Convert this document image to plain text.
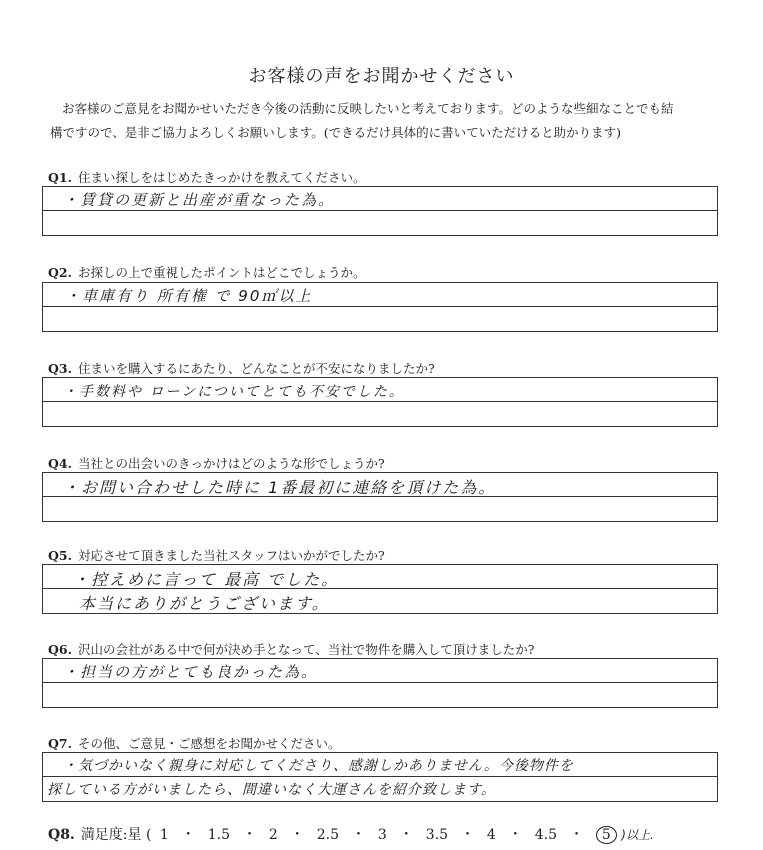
お客様の声をお聞かせください
お客様のご意見をお聞かせいただき今後の活動に反映したいと考えております。どのような些細なことでも結
構ですので、是非ご協力よろしくお願いします。(できるだけ具体的に書いていただけると助かります)
Q1. 住まい探しをはじめたきっかけを教えてください。
・賃貸の更新と出産が重なった為。
Q2. お探しの上で重視したポイントはどこでしょうか。
・車庫有り 所有権 で 90㎡以上
Q3. 住まいを購入するにあたり、どんなことが不安になりましたか?
・手数料や ローンについてとても不安でした。
Q4. 当社との出会いのきっかけはどのような形でしょうか?
・お問い合わせした時に 1番最初に連絡を頂けた為。
Q5. 対応させて頂きました当社スタッフはいかがでしたか?
・控えめに言って 最高 でした。
本当にありがとうございます。
Q6. 沢山の会社がある中で何が決め手となって、当社で物件を購入して頂けましたか?
・担当の方がとても良かった為。
Q7. その他、ご意見・ご感想をお聞かせください。
・気づかいなく親身に対応してくださり、感謝しかありません。今後物件を
探している方がいましたら、間違いなく大運さんを紹介致します。
Q8. 満足度:星 ( 1 ・ 1.5 ・ 2 ・ 2.5 ・ 3 ・ 3.5 ・ 4 ・ 4.5 ・ 5 )以上.
